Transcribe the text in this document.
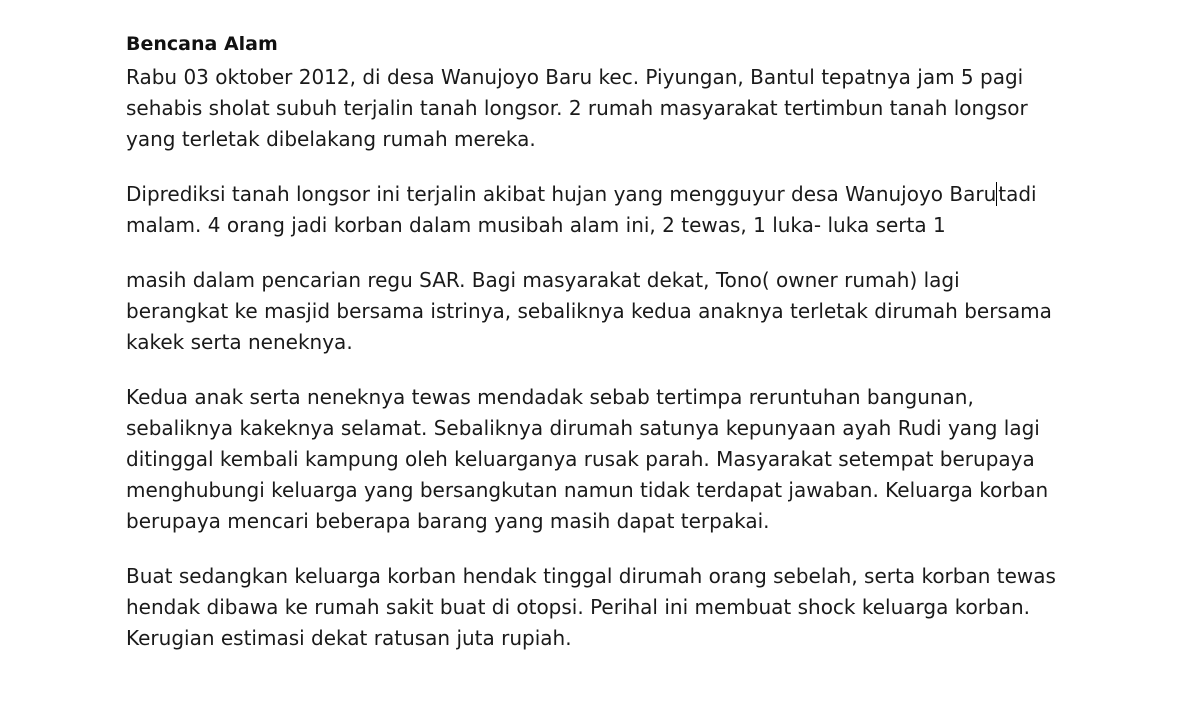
Bencana Alam
Rabu 03 oktober 2012, di desa Wanujoyo Baru kec. Piyungan, Bantul tepatnya jam 5 pagi
sehabis sholat subuh terjalin tanah longsor. 2 rumah masyarakat tertimbun tanah longsor
yang terletak dibelakang rumah mereka.
Diprediksi tanah longsor ini terjalin akibat hujan yang mengguyur desa Wanujoyo Baru tadi
malam. 4 orang jadi korban dalam musibah alam ini, 2 tewas, 1 luka- luka serta 1
masih dalam pencarian regu SAR. Bagi masyarakat dekat, Tono( owner rumah) lagi
berangkat ke masjid bersama istrinya, sebaliknya kedua anaknya terletak dirumah bersama
kakek serta neneknya.
Kedua anak serta neneknya tewas mendadak sebab tertimpa reruntuhan bangunan,
sebaliknya kakeknya selamat. Sebaliknya dirumah satunya kepunyaan ayah Rudi yang lagi
ditinggal kembali kampung oleh keluarganya rusak parah. Masyarakat setempat berupaya
menghubungi keluarga yang bersangkutan namun tidak terdapat jawaban. Keluarga korban
berupaya mencari beberapa barang yang masih dapat terpakai.
Buat sedangkan keluarga korban hendak tinggal dirumah orang sebelah, serta korban tewas
hendak dibawa ke rumah sakit buat di otopsi. Perihal ini membuat shock keluarga korban.
Kerugian estimasi dekat ratusan juta rupiah.
